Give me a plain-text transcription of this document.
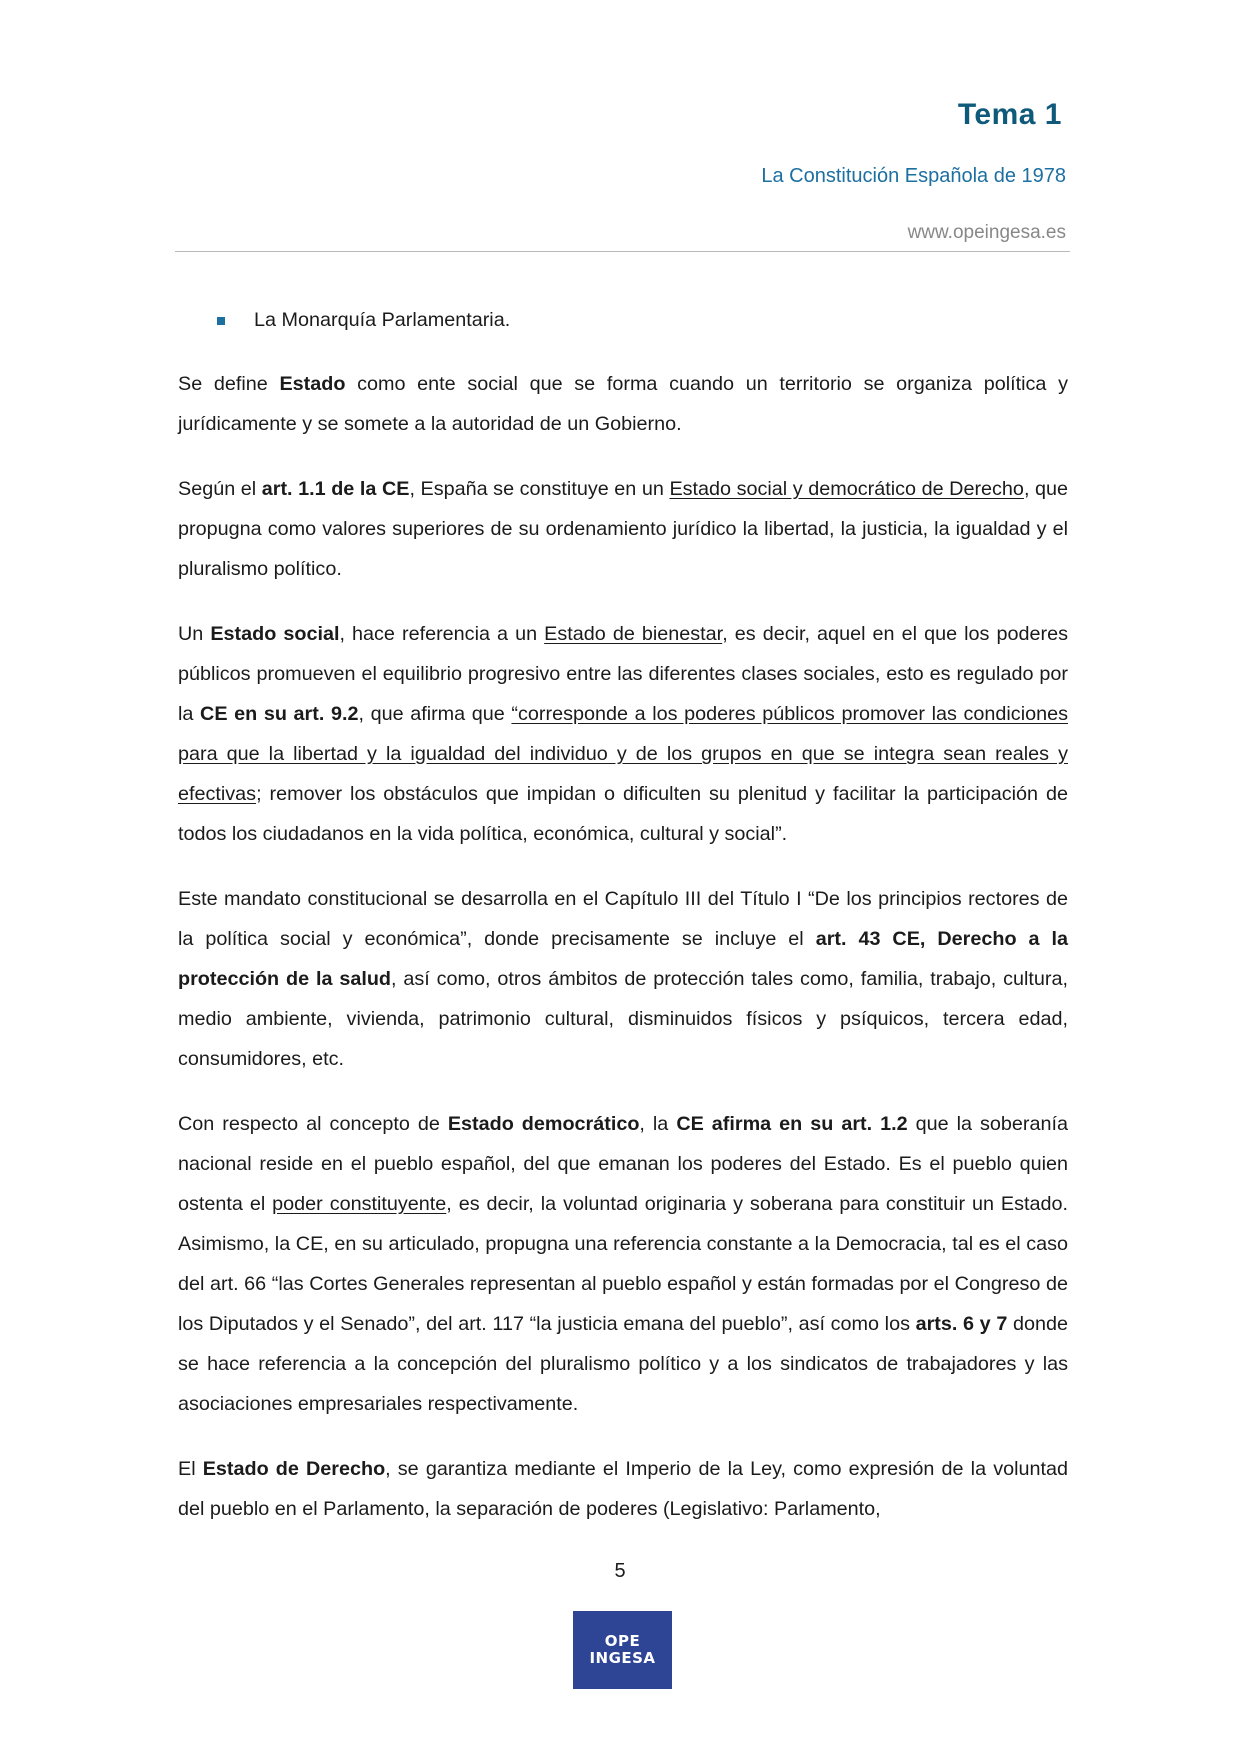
Tema 1
La Constitución Española de 1978
www.opeingesa.es
La Monarquía Parlamentaria.

Se define Estado como ente social que se forma cuando un territorio se organiza política y jurídicamente y se somete a la autoridad de un Gobierno.

Según el art. 1.1 de la CE, España se constituye en un Estado social y democrático de Derecho, que propugna como valores superiores de su ordenamiento jurídico la libertad, la justicia, la igualdad y el pluralismo político.

Un Estado social, hace referencia a un Estado de bienestar, es decir, aquel en el que los poderes públicos promueven el equilibrio progresivo entre las diferentes clases sociales, esto es regulado por la CE en su art. 9.2, que afirma que “corresponde a los poderes públicos promover las condiciones para que la libertad y la igualdad del individuo y de los grupos en que se integra sean reales y efectivas; remover los obstáculos que impidan o dificulten su plenitud y facilitar la participación de todos los ciudadanos en la vida política, económica, cultural y social”.

Este mandato constitucional se desarrolla en el Capítulo III del Título I “De los principios rectores de la política social y económica”, donde precisamente se incluye el art. 43 CE, Derecho a la protección de la salud, así como, otros ámbitos de protección tales como, familia, trabajo, cultura, medio ambiente, vivienda, patrimonio cultural, disminuidos físicos y psíquicos, tercera edad, consumidores, etc.

Con respecto al concepto de Estado democrático, la CE afirma en su art. 1.2 que la soberanía nacional reside en el pueblo español, del que emanan los poderes del Estado. Es el pueblo quien ostenta el poder constituyente, es decir, la voluntad originaria y soberana para constituir un Estado. Asimismo, la CE, en su articulado, propugna una referencia constante a la Democracia, tal es el caso del art. 66 “las Cortes Generales representan al pueblo español y están formadas por el Congreso de los Diputados y el Senado”, del art. 117 “la justicia emana del pueblo”, así como los arts. 6 y 7 donde se hace referencia a la concepción del pluralismo político y a los sindicatos de trabajadores y las asociaciones empresariales respectivamente.

El Estado de Derecho, se garantiza mediante el Imperio de la Ley, como expresión de la voluntad del pueblo en el Parlamento, la separación de poderes (Legislativo: Parlamento,

5
OPE
INGESA
